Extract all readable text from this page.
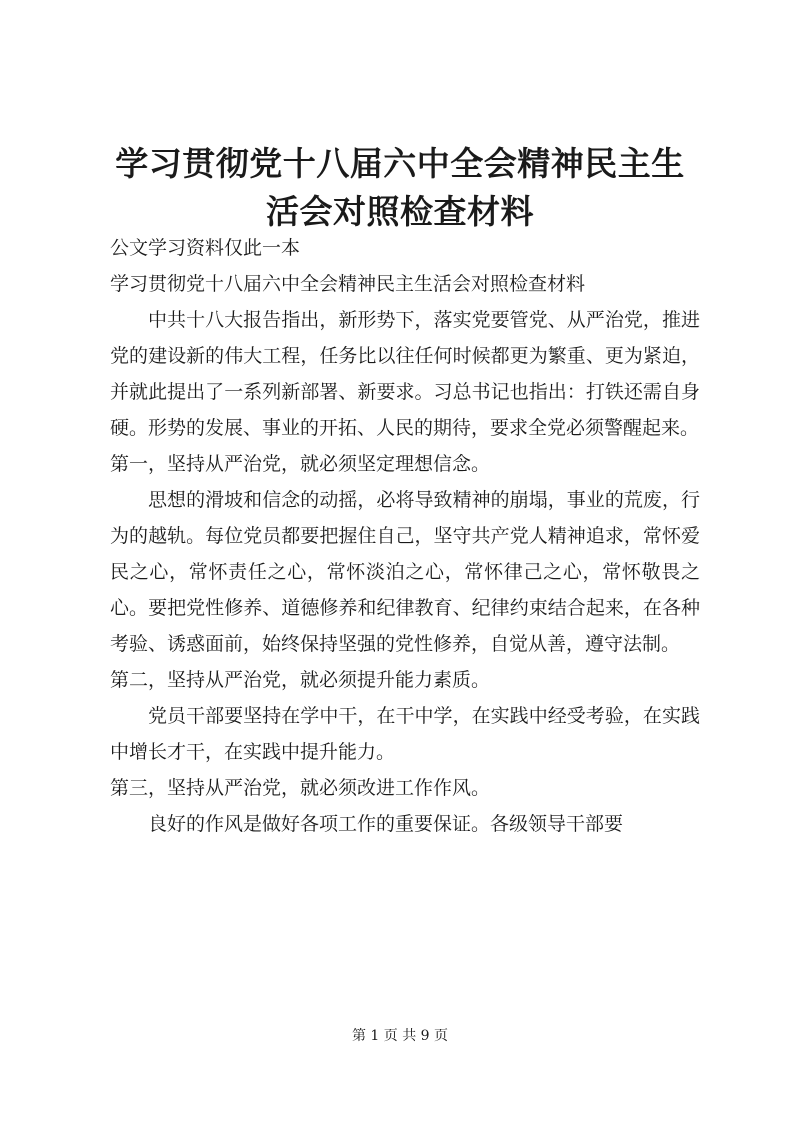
学习贯彻党十八届六中全会精神民主生活会对照检查材料

公文学习资料仅此一本

学习贯彻党十八届六中全会精神民主生活会对照检查材料

中共十八大报告指出，新形势下，落实党要管党、从严治党，推进党的建设新的伟大工程，任务比以往任何时候都更为繁重、更为紧迫，并就此提出了一系列新部署、新要求。习总书记也指出：打铁还需自身硬。形势的发展、事业的开拓、人民的期待，要求全党必须警醒起来。

第一，坚持从严治党，就必须坚定理想信念。

思想的滑坡和信念的动摇，必将导致精神的崩塌，事业的荒废，行为的越轨。每位党员都要把握住自己，坚守共产党人精神追求，常怀爱民之心，常怀责任之心，常怀淡泊之心，常怀律己之心，常怀敬畏之心。要把党性修养、道德修养和纪律教育、纪律约束结合起来，在各种考验、诱惑面前，始终保持坚强的党性修养，自觉从善，遵守法制。

第二，坚持从严治党，就必须提升能力素质。

党员干部要坚持在学中干，在干中学，在实践中经受考验，在实践中增长才干，在实践中提升能力。

第三，坚持从严治党，就必须改进工作作风。

良好的作风是做好各项工作的重要保证。各级领导干部要

第 1 页 共 9 页
